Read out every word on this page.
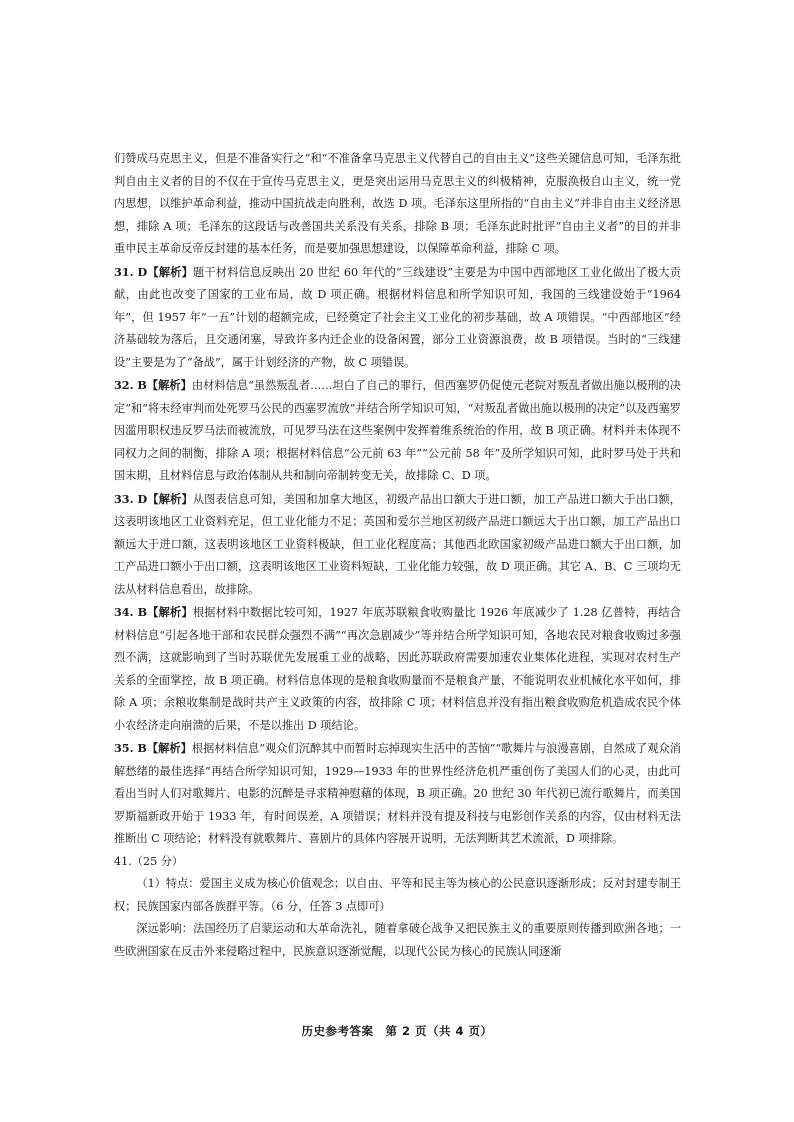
们赞成马克思主义，但是不准备实行之”和“不准备拿马克思主义代替自己的自由主义”这些关键信息可知，毛泽东批判自由主义者的目的不仅在于宣传马克思主义，更是突出运用马克思主义的纠极精神，克服涣极自山主义，统一党内思想，以维护革命利益，推动中国抗战走向胜利，故选 D 项。毛泽东这里所指的“自由主义”并非自由主义经济思想，排除 A 项；毛泽东的这段话与改善国共关系没有关系，排除 B 项；毛泽东此时批评“自由主义者”的目的并非重申民主革命反帝反封建的基本任务，而是要加强思想建设，以保障革命利益，排除 C 项。

31. D【解析】题干材料信息反映出 20 世纪 60 年代的“三线建设”主要是为中国中西部地区工业化做出了极大贡献，由此也改变了国家的工业布局，故 D 项正确。根据材料信息和所学知识可知，我国的三线建设始于“1964 年”，但 1957 年“一五”计划的超额完成，已经奠定了社会主义工业化的初步基础，故 A 项错误。“中西部地区”经济基础较为落后，且交通闭塞，导致许多内迁企业的设备闲置，部分工业资源浪费，故 B 项错误。当时的“三线建设”主要是为了“备战”，属于计划经济的产物，故 C 项错误。

32. B【解析】由材料信息“虽然叛乱者……坦白了自己的罪行，但西塞罗仍促使元老院对叛乱者做出施以极刑的决定”和“将未经审判而处死罗马公民的西塞罗流放”并结合所学知识可知，“对叛乱者做出施以极刑的决定”以及西塞罗因滥用职权违反罗马法而被流放，可见罗马法在这些案例中发挥着维系统治的作用，故 B 项正确。材料并未体现不同权力之间的制衡，排除 A 项；根据材料信息“公元前 63 年”“公元前 58 年”及所学知识可知，此时罗马处于共和国末期，且材料信息与政治体制从共和制向帝制转变无关，故排除 C、D 项。

33. D【解析】从图表信息可知，美国和加拿大地区，初级产品出口额大于进口额，加工产品进口额大于出口额，这表明该地区工业资料充足，但工业化能力不足；英国和爱尔兰地区初级产品进口额远大于出口额，加工产品出口额远大于进口额，这表明该地区工业资料极缺，但工业化程度高；其他西北欧国家初级产品进口额大于出口额，加工产品进口额小于出口额，这表明该地区工业资料短缺，工业化能力较强，故 D 项正确。其它 A、B、C 三项均无法从材料信息看出，故排除。

34. B【解析】根据材料中数据比较可知，1927 年底苏联粮食收购量比 1926 年底减少了 1.28 亿普特，再结合材料信息“引起各地干部和农民群众强烈不满”“再次急剧减少”等并结合所学知识可知，各地农民对粮食收购过多强烈不满，这就影响到了当时苏联优先发展重工业的战略，因此苏联政府需要加速农业集体化进程，实现对农村生产关系的全面掌控，故 B 项正确。材料信息体现的是粮食收购量而不是粮食产量，不能说明农业机械化水平如何，排除 A 项；余粮收集制是战时共产主义政策的内容，故排除 C 项；材料信息并没有指出粮食收购危机造成农民个体小农经济走向崩溃的后果，不是以推出 D 项结论。

35. B【解析】根据材料信息“观众们沉醉其中而暂时忘掉现实生活中的苦恼”“歌舞片与浪漫喜剧，自然成了观众消解愁绪的最佳选择”再结合所学知识可知，1929—1933 年的世界性经济危机严重创伤了美国人们的心灵，由此可看出当时人们对歌舞片、电影的沉醉是寻求精神慰藉的体现，B 项正确。20 世纪 30 年代初已流行歌舞片，而美国罗斯福新政开始于 1933 年，有时间误差，A 项错误；材料并没有提及科技与电影创作关系的内容，仅由材料无法推断出 C 项结论；材料没有就歌舞片、喜剧片的具体内容展开说明，无法判断其艺术流派，D 项排除。

41.（25 分）

（1）特点：爱国主义成为核心价值观念；以自由、平等和民主等为核心的公民意识逐渐形成；反对封建专制王权；民族国家内部各族群平等。（6 分，任答 3 点即可）

深远影响：法国经历了启蒙运动和大革命洗礼，随着拿破仑战争又把民族主义的重要原则传播到欧洲各地；一些欧洲国家在反击外来侵略过程中，民族意识逐渐觉醒，以现代公民为核心的民族认同逐渐

历史参考答案　第 2 页（共 4 页）
